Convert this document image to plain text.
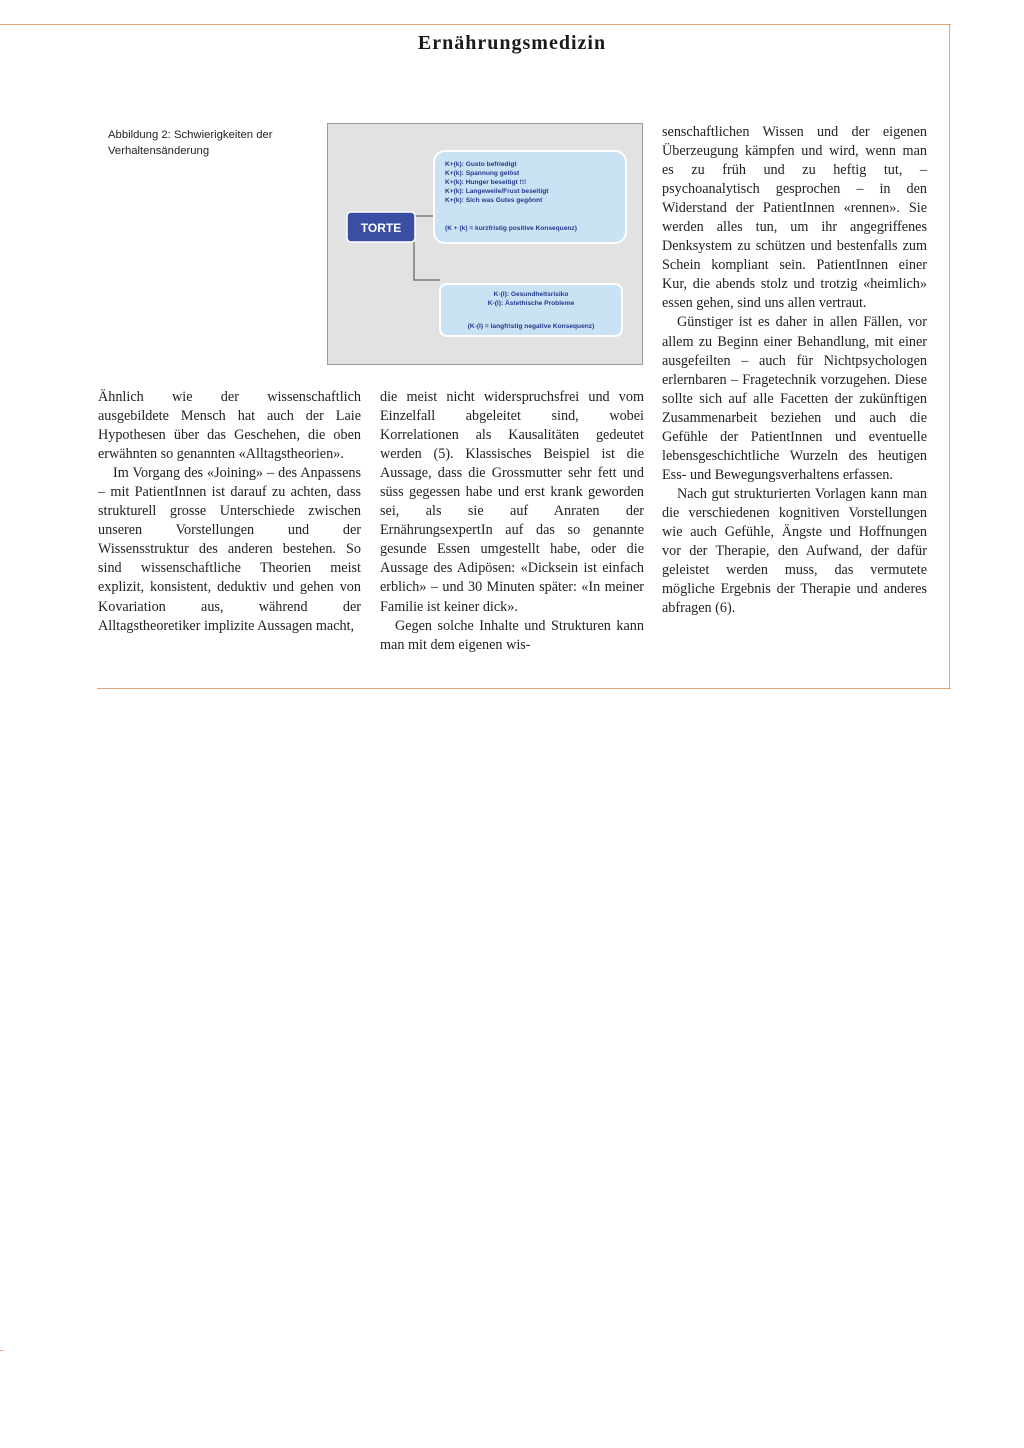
Ernährungsmedizin
Abbildung 2: Schwierigkeiten der Verhaltensänderung
K+(k): Gusto befriedigt
K+(k): Spannung gelöst
K+(k): Hunger beseitigt !!!
K+(k): Langeweile/Frust beseitigt
K+(k): Sich was Gutes gegönnt
(K + (k) = kurzfristig positive Konsequenz)
K-(l): Gesundheitsrisiko
K-(l): Ästethische Probleme
(K-(l) = langfristig negative Konsequenz)
TORTE

Ähnlich wie der wissenschaftlich ausgebildete Mensch hat auch der Laie Hypothesen über das Geschehen, die oben erwähnten so genannten «Alltagstheorien».

Im Vorgang des «Joining» – des Anpassens – mit PatientInnen ist darauf zu achten, dass strukturell grosse Unterschiede zwischen unseren Vorstellungen und der Wissensstruktur des anderen bestehen. So sind wissenschaftliche Theorien meist explizit, konsistent, deduktiv und gehen von Kovariation aus, während der Alltagstheoretiker implizite Aussagen macht,

die meist nicht widerspruchsfrei und vom Einzelfall abgeleitet sind, wobei Korrelationen als Kausalitäten gedeutet werden (5). Klassisches Beispiel ist die Aussage, dass die Grossmutter sehr fett und süss gegessen habe und erst krank geworden sei, als sie auf Anraten der ErnährungsexpertIn auf das so genannte gesunde Essen umgestellt habe, oder die Aussage des Adipösen: «Dicksein ist einfach erblich» – und 30 Minuten später: «In meiner Familie ist keiner dick».

Gegen solche Inhalte und Strukturen kann man mit dem eigenen wis-

senschaftlichen Wissen und der eigenen Überzeugung kämpfen und wird, wenn man es zu früh und zu heftig tut, – psychoanalytisch gesprochen – in den Widerstand der PatientInnen «rennen». Sie werden alles tun, um ihr angegriffenes Denksystem zu schützen und bestenfalls zum Schein kompliant sein. PatientInnen einer Kur, die abends stolz und trotzig «heimlich» essen gehen, sind uns allen vertraut.

Günstiger ist es daher in allen Fällen, vor allem zu Beginn einer Behandlung, mit einer ausgefeilten – auch für Nichtpsychologen erlernbaren – Fragetechnik vorzugehen. Diese sollte sich auf alle Facetten der zukünftigen Zusammenarbeit beziehen und auch die Gefühle der PatientInnen und eventuelle lebensgeschichtliche Wurzeln des heutigen Ess- und Bewegungsverhaltens erfassen.

Nach gut strukturierten Vorlagen kann man die verschiedenen kognitiven Vorstellungen wie auch Gefühle, Ängste und Hoffnungen vor der Therapie, den Aufwand, der dafür geleistet werden muss, das vermutete mögliche Ergebnis der Therapie und anderes abfragen (6).
